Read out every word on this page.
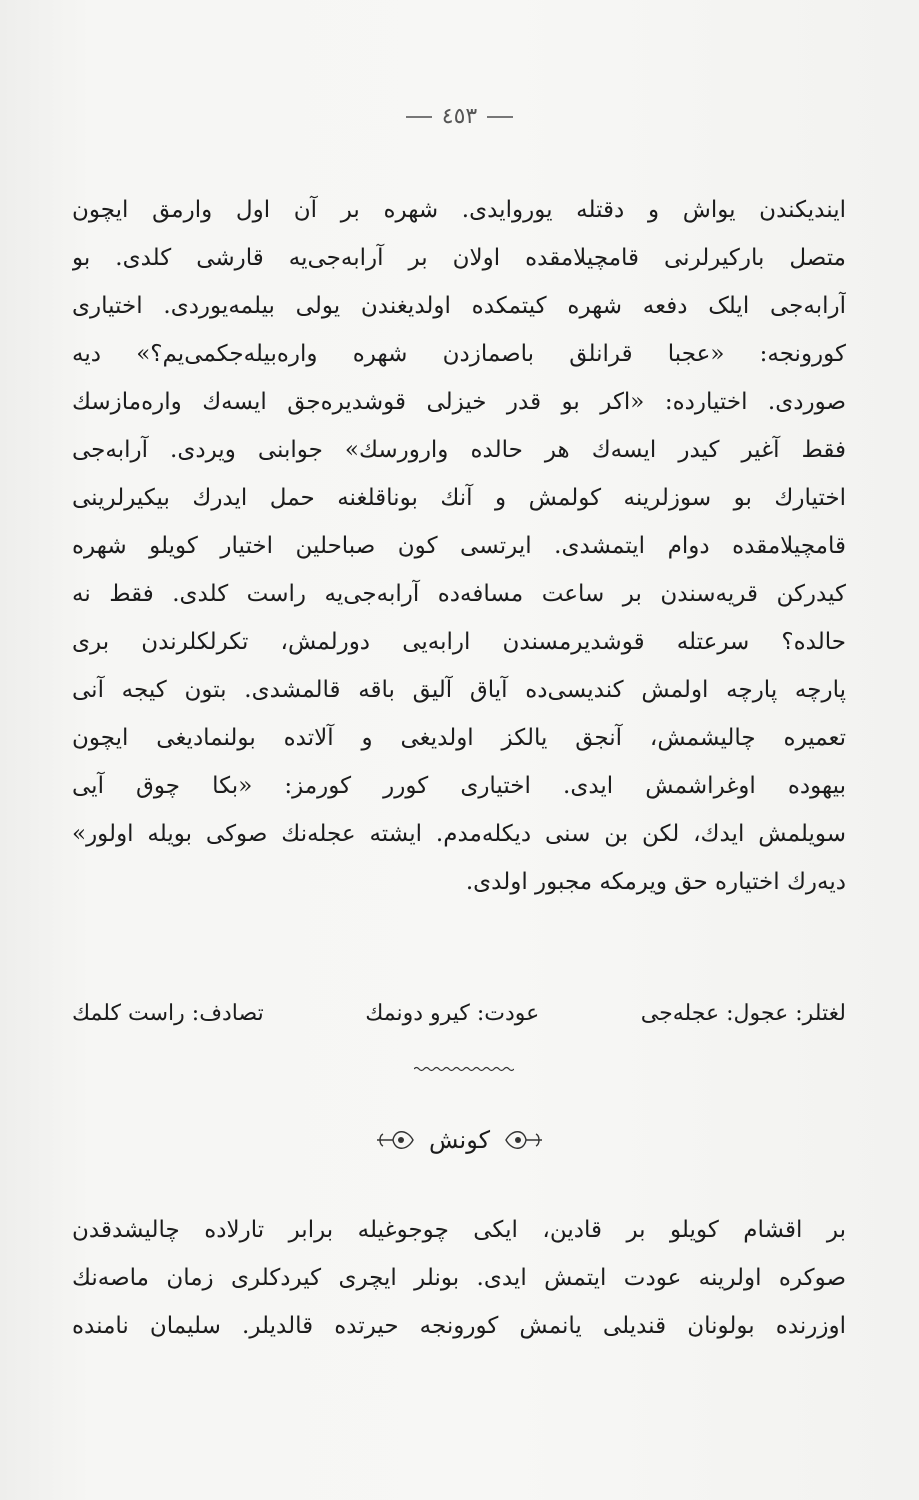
٤٥٣
ایندیکندن یواش و دقتله یوروایدی. شهره بر آن اول وارمق ایچون
متصل بارکیرلرنی قامچیلامقده اولان بر آرابه‌جی‌یه قارشی کلدی. بو
آرابه‌جی ایلک دفعه شهره کیتمکده اولدیغندن یولی بیلمه‌یوردی. اختیاری
کورونجه: «عجبا قرانلق باصمازدن شهره واره‌بیله‌جکمی‌یم؟» دیه
صوردی. اختیارده: «اکر بو قدر خیزلی قوشدیره‌جق ایسه‌ك واره‌مازسك
فقط آغیر کیدر ایسه‌ك هر حالده وارورسك» جوابنی ویردی. آرابه‌جی
اختیارك بو سوزلرینه کولمش و آنك بوناقلغنه حمل ایدرك بیکیرلرینی
قامچیلامقده دوام ایتمشدی. ایرتسی کون صباحلین اختیار کویلو شهره
کیدرکن قریه‌سندن بر ساعت مسافه‌ده آرابه‌جی‌یه راست کلدی. فقط نه
حالده؟ سرعتله قوشدیرمسندن ارابه‌یی دورلمش، تکرلکلرندن بری
پارچه پارچه اولمش کندیسی‌ده آیاق آلیق باقه قالمشدی. بتون کیجه آنی
تعمیره چالیشمش، آنجق یالکز اولدیغی و آلاتده بولنمادیغی ایچون
بیهوده اوغراشمش ایدی. اختیاری کورر کورمز: «بکا چوق آیی
سویلمش ایدك، لکن بن سنی دیکله‌مدم. ایشته عجله‌نك صوکی بویله اولور»
دیه‌رك اختیاره حق ویرمکه مجبور اولدی.
لغتلر: عجول: عجله‌جی
عودت: کیرو دونمك
تصادف: راست کلمك
کونش
بر اقشام کویلو بر قادین، ایکی چوجوغیله برابر تارلاده چالیشدقدن
صوکره اولرینه عودت ایتمش ایدی. بونلر ایچری کیردکلری زمان ماصه‌نك
اوزرنده بولونان قندیلی یانمش کورونجه حیرتده قالدیلر. سلیمان نامنده
